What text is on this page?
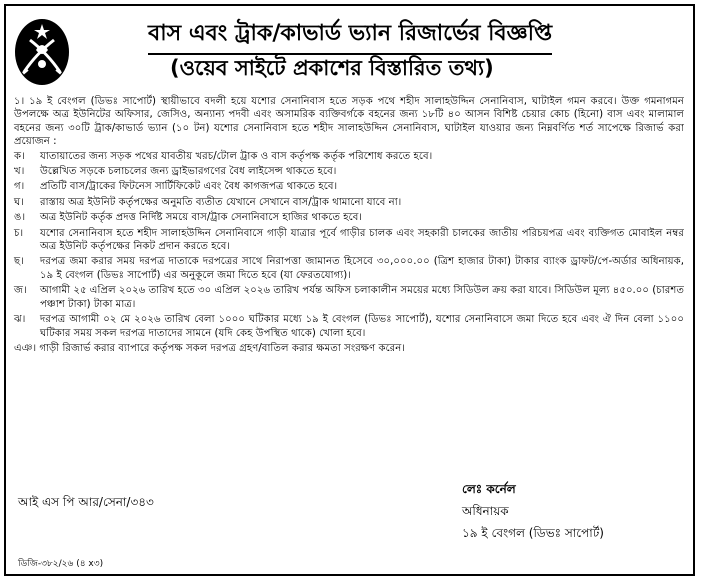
বাস এবং ট্রাক/কাভার্ড ভ্যান রিজার্ভের বিজ্ঞপ্তি
(ওয়েব সাইটে প্রকাশের বিস্তারিত তথ্য)

১। ১৯ ই বেংগল (ডিভঃ সাপোর্ট) স্থায়ীভাবে বদলী হয়ে যশোর সেনানিবাস হতে সড়ক পথে শহীদ সালাহউদ্দিন সেনানিবাস, ঘাটাইল গমন করবে। উক্ত গমনাগমন উপলক্ষে অত্র ইউনিটের অফিসার, জেসিও, অন্যান্য পদবী এবং অসামরিক ব্যক্তিবর্গকে বহনের জন্য ১৮টি ৪০ আসন বিশিষ্ট চেয়ার কোচ (হিনো) বাস এবং মালামাল বহনের জন্য ৩০টি ট্রাক/কাভার্ড ভ্যান (১০ টন) যশোর সেনানিবাস হতে শহীদ সালাহউদ্দিন সেনানিবাস, ঘাটাইল যাওয়ার জন্য নিম্নবর্ণিত শর্ত সাপেক্ষে রিজার্ভ করা প্রয়োজন :

ক।	যাতায়াতের জন্য সড়ক পথের যাবতীয় খরচ/টোল ট্রাক ও বাস কর্তৃপক্ষ কর্তৃক পরিশোধ করতে হবে।
খ।	উল্লেখিত সড়কে চলাচলের জন্য ড্রাইভারগণের বৈধ লাইসেন্স থাকতে হবে।
গ।	প্রতিটি বাস/ট্রাকের ফিটনেস সার্টিফিকেট এবং বৈধ কাগজপত্র থাকতে হবে।
ঘ।	রাস্তায় অত্র ইউনিট কর্তৃপক্ষের অনুমতি ব্যতীত যেখানে সেখানে বাস/ট্রাক থামানো যাবে না।
ঙ।	অত্র ইউনিট কর্তৃক প্রদত্ত নির্দিষ্ট সময়ে বাস/ট্রাক সেনানিবাসে হাজির থাকতে হবে।
চ।	যশোর সেনানিবাস হতে শহীদ সালাহউদ্দিন সেনানিবাসে গাড়ী যাত্রার পূর্বে গাড়ীর চালক এবং সহকারী চালকের জাতীয় পরিচয়পত্র এবং ব্যক্তিগত মোবাইল নম্বর অত্র ইউনিট কর্তৃপক্ষের নিকট প্রদান করতে হবে।
ছ।	দরপত্র জমা করার সময় দরপত্র দাতাকে দরপত্রের সাথে নিরাপত্তা জামানত হিসেবে ৩০,০০০.০০ (ত্রিশ হাজার টাকা) টাকার ব্যাংক ড্রাফট/পে-অর্ডার অধিনায়ক, ১৯ ই বেংগল (ডিভঃ সাপোর্ট) এর অনুকূলে জমা দিতে হবে (যা ফেরতযোগ্য)।
জ।	আগামী ২৫ এপ্রিল ২০২৬ তারিখ হতে ৩০ এপ্রিল ২০২৬ তারিখ পর্যন্ত অফিস চলাকালীন সময়ের মধ্যে সিডিউল ক্রয় করা যাবে। সিডিউল মূল্য ৪৫০.০০ (চারশত পঞ্চাশ টাকা) টাকা মাত্র।
ঝ।	দরপত্র আগামী ০২ মে ২০২৬ তারিখ বেলা ১০০০ ঘটিকার মধ্যে ১৯ ই বেংগল (ডিভঃ সাপোর্ট), যশোর সেনানিবাসে জমা দিতে হবে এবং ঐ দিন বেলা ১১০০ ঘটিকার সময় সকল দরপত্র দাতাদের সামনে (যদি কেহ উপস্থিত থাকে) খোলা হবে।

এঞ। গাড়ী রিজার্ভ করার ব্যাপারে কর্তৃপক্ষ সকল দরপত্র গ্রহণ/বাতিল করার ক্ষমতা সংরক্ষণ করেন।

আই এস পি আর/সেনা/৩৪৩
লেঃ কর্নেল
অধিনায়ক
১৯ ই বেংগল (ডিভঃ সাপোর্ট)
ডিজি-৩৮২/২৬ (৪ x৩)
